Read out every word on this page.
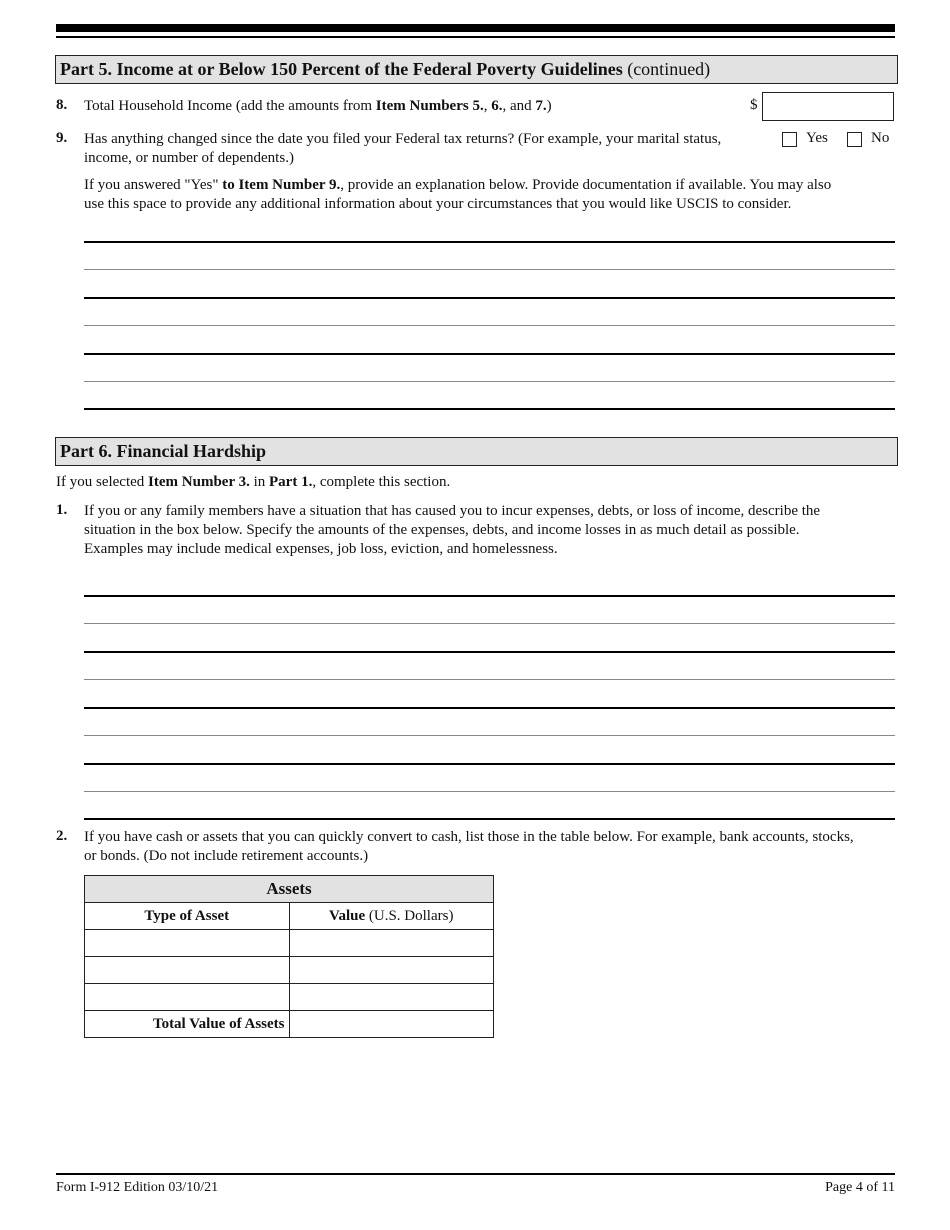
Part 5. Income at or Below 150 Percent of the Federal Poverty Guidelines (continued)
8. Total Household Income (add the amounts from Item Numbers 5., 6., and 7.)	$
9. Has anything changed since the date you filed your Federal tax returns? (For example, your marital status,
income, or number of dependents.)
Yes	No
If you answered "Yes" to Item Number 9., provide an explanation below. Provide documentation if available. You may also
use this space to provide any additional information about your circumstances that you would like USCIS to consider.
Part 6. Financial Hardship
If you selected Item Number 3. in Part 1., complete this section.
1. If you or any family members have a situation that has caused you to incur expenses, debts, or loss of income, describe the
situation in the box below. Specify the amounts of the expenses, debts, and income losses in as much detail as possible.
Examples may include medical expenses, job loss, eviction, and homelessness.
2. If you have cash or assets that you can quickly convert to cash, list those in the table below. For example, bank accounts, stocks,
or bonds. (Do not include retirement accounts.)
Assets	
Type of Asset	Value (U.S. Dollars)

Total Value of Assets	
Form I-912 Edition 03/10/21	Page 4 of 11
